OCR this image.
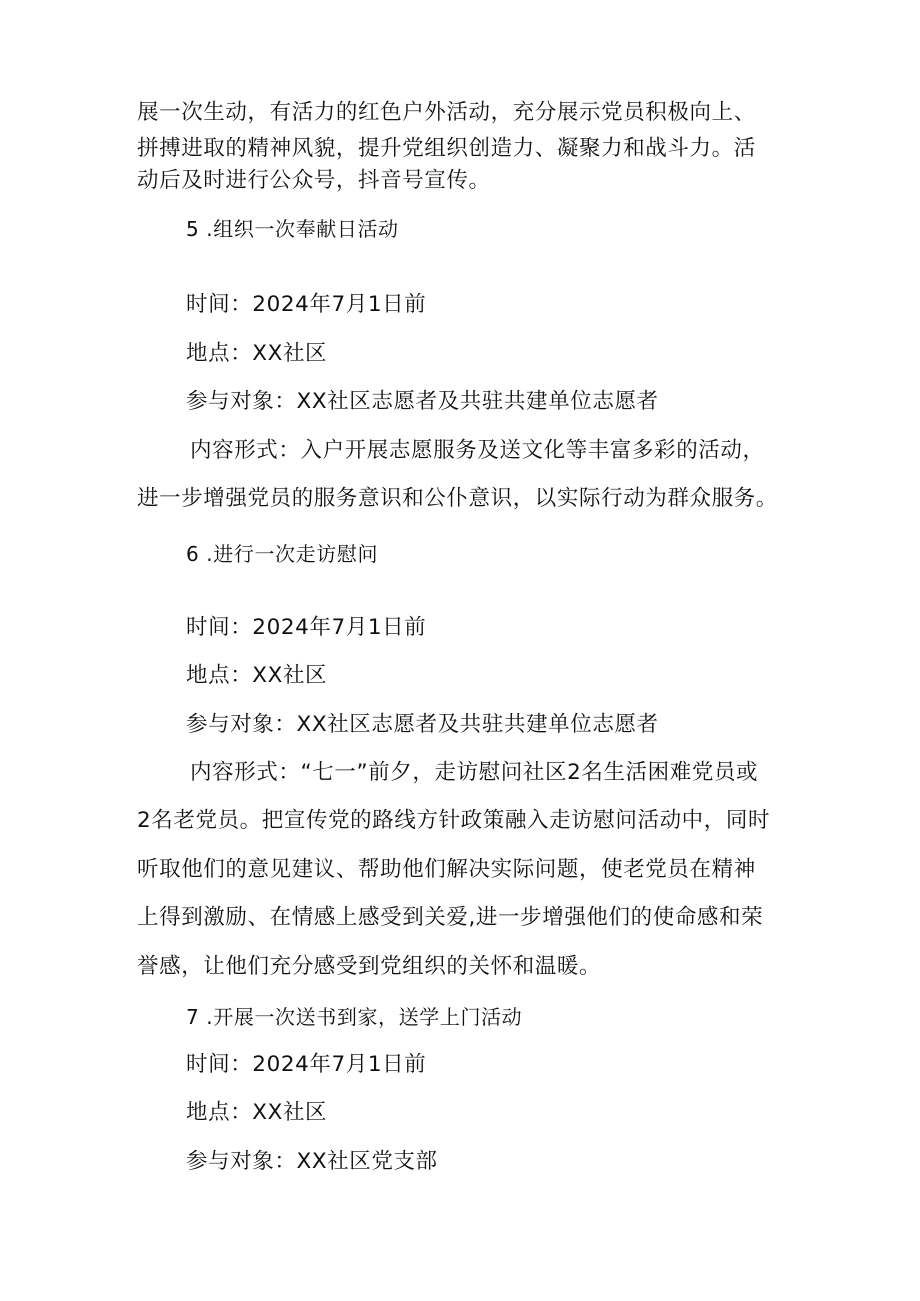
展一次生动，有活力的红色户外活动，充分展示党员积极向上、
拼搏进取的精神风貌，提升党组织创造力、凝聚力和战斗力。活
动后及时进行公众号，抖音号宣传。
5 .组织一次奉献日活动
时间：2024年7月1日前
地点：XX社区
参与对象：XX社区志愿者及共驻共建单位志愿者
内容形式：入户开展志愿服务及送文化等丰富多彩的活动，
进一步增强党员的服务意识和公仆意识，以实际行动为群众服务。
6 .进行一次走访慰问
时间：2024年7月1日前
地点：XX社区
参与对象：XX社区志愿者及共驻共建单位志愿者
内容形式：“七一”前夕，走访慰问社区2名生活困难党员或
2名老党员。把宣传党的路线方针政策融入走访慰问活动中，同时
听取他们的意见建议、帮助他们解决实际问题，使老党员在精神
上得到激励、在情感上感受到关爱,进一步增强他们的使命感和荣
誉感，让他们充分感受到党组织的关怀和温暖。
7 .开展一次送书到家，送学上门活动
时间：2024年7月1日前
地点：XX社区
参与对象：XX社区党支部
